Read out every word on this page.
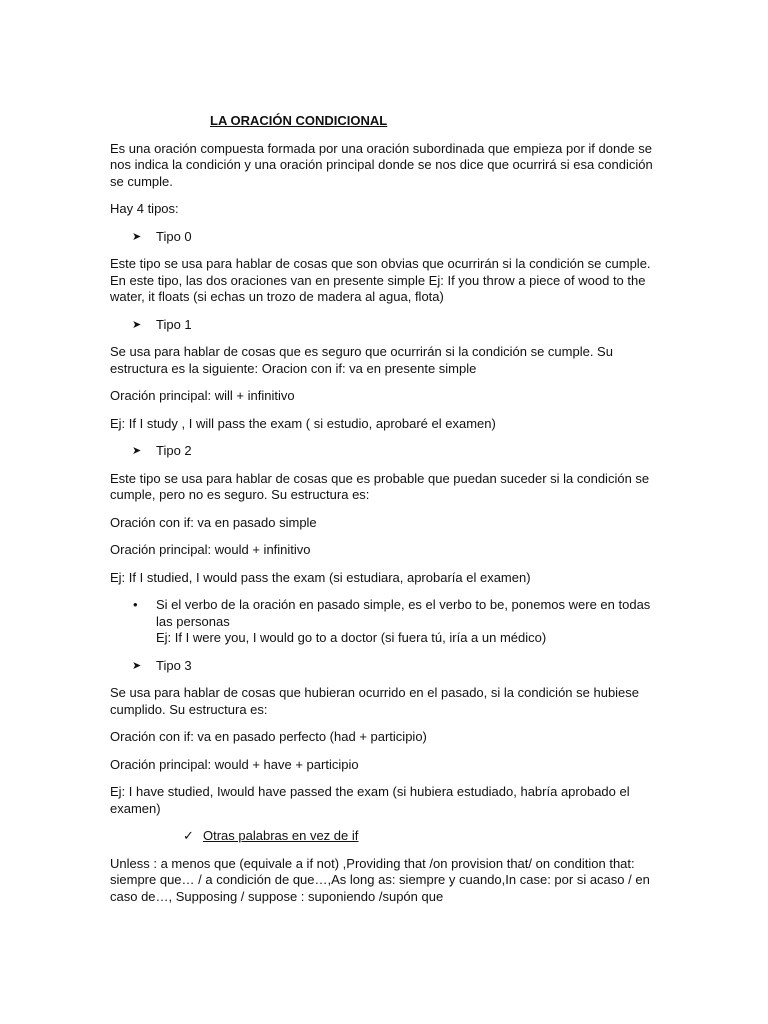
LA ORACIÓN CONDICIONAL

Es una oración compuesta formada por una oración subordinada que empieza por if donde se nos indica la condición y una oración principal donde se nos dice que ocurrirá si esa condición se cumple.

Hay 4 tipos:

➤ Tipo 0

Este tipo se usa para hablar de cosas que son obvias que ocurrirán si la condición se cumple. En este tipo, las dos oraciones van en presente simple Ej: If you throw a piece of wood to the water, it floats (si echas un trozo de madera al agua, flota)

➤ Tipo 1

Se usa para hablar de cosas que es seguro que ocurrirán si la condición se cumple. Su estructura es la siguiente: Oracion con if: va en presente simple

Oración principal: will + infinitivo

Ej: If I study , I will pass the exam ( si estudio, aprobaré el examen)

➤ Tipo 2

Este tipo se usa para hablar de cosas que es probable que puedan suceder si la condición se cumple, pero no es seguro. Su estructura es:

Oración con if: va en pasado simple

Oración principal: would + infinitivo

Ej: If I studied, I would pass the exam (si estudiara, aprobaría el examen)

• Si el verbo de la oración en pasado simple, es el verbo to be, ponemos were en todas las personas
Ej: If I were you, I would go to a doctor (si fuera tú, iría a un médico)
➤ Tipo 3

Se usa para hablar de cosas que hubieran ocurrido en el pasado, si la condición se hubiese cumplido. Su estructura es:

Oración con if: va en pasado perfecto (had + participio)

Oración principal: would + have + participio

Ej: I have studied, Iwould have passed the exam (si hubiera estudiado, habría aprobado el examen)

✓ Otras palabras en vez de if

Unless : a menos que (equivale a if not) ,Providing that /on provision that/ on condition that: siempre que… / a condición de que…,As long as: siempre y cuando,In case: por si acaso / en caso de…, Supposing / suppose : suponiendo /supón que
